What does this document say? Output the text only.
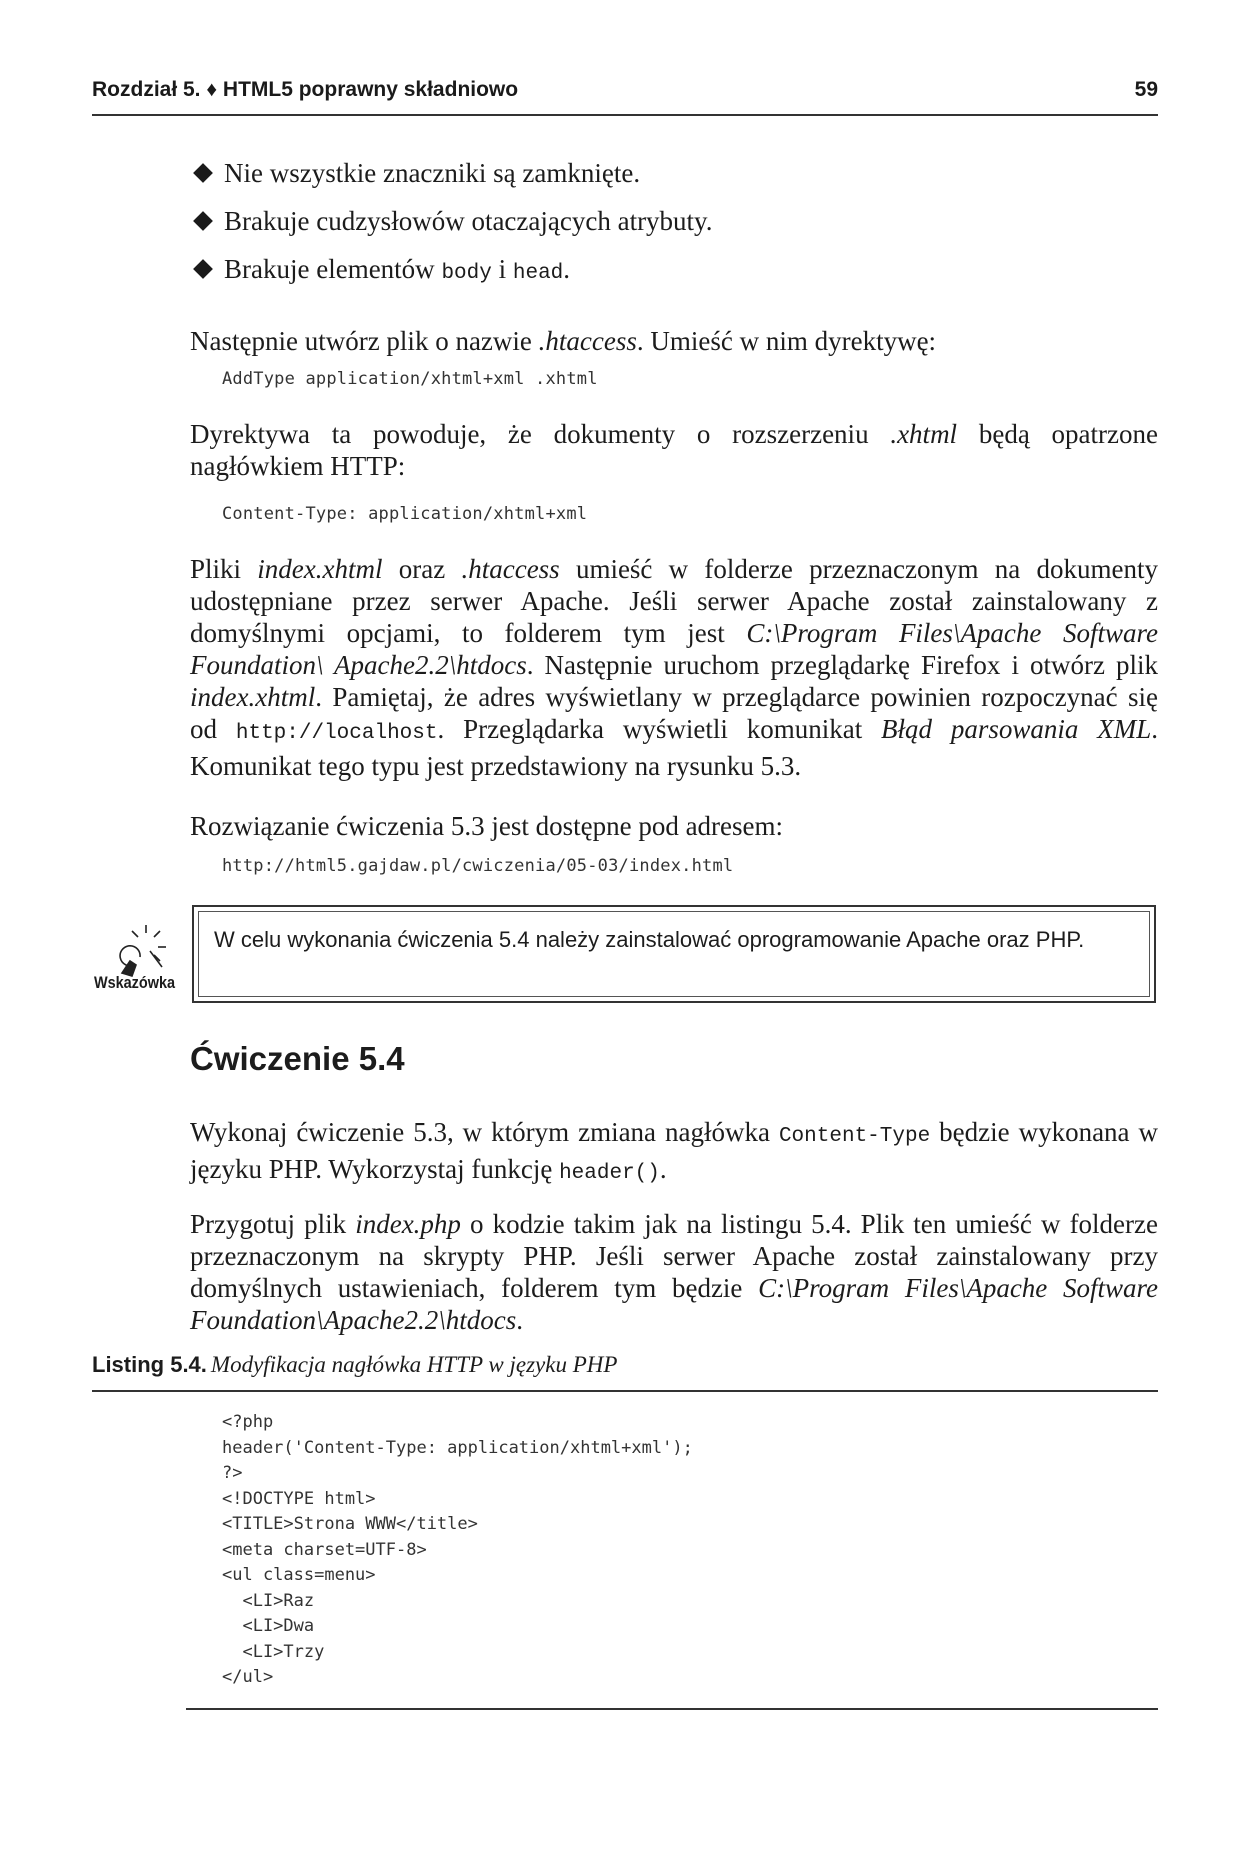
Rozdział 5. ♦ HTML5 poprawny składniowo	59
Nie wszystkie znaczniki są zamknięte.
Brakuje cudzysłowów otaczających atrybuty.
Brakuje elementów body i head.

Następnie utwórz plik o nazwie .htaccess. Umieść w nim dyrektywę:

AddType application/xhtml+xml .xhtml

Dyrektywa ta powoduje, że dokumenty o rozszerzeniu .xhtml będą opatrzone nagłówkiem HTTP:

Content-Type: application/xhtml+xml

Pliki index.xhtml oraz .htaccess umieść w folderze przeznaczonym na dokumenty udostępniane przez serwer Apache. Jeśli serwer Apache został zainstalowany z domyślnymi opcjami, to folderem tym jest C:\Program Files\Apache Software Foundation\ Apache2.2\htdocs. Następnie uruchom przeglądarkę Firefox i otwórz plik index.xhtml. Pamiętaj, że adres wyświetlany w przeglądarce powinien rozpoczynać się od http://localhost. Przeglądarka wyświetli komunikat Błąd parsowania XML. Komunikat tego typu jest przedstawiony na rysunku 5.3.

Rozwiązanie ćwiczenia 5.3 jest dostępne pod adresem:

http://html5.gajdaw.pl/cwiczenia/05-03/index.html
Wskazówka
W celu wykonania ćwiczenia 5.4 należy zainstalować oprogramowanie Apache oraz PHP.
Ćwiczenie 5.4

Wykonaj ćwiczenie 5.3, w którym zmiana nagłówka Content-Type będzie wykonana w języku PHP. Wykorzystaj funkcję header().

Przygotuj plik index.php o kodzie takim jak na listingu 5.4. Plik ten umieść w folderze przeznaczonym na skrypty PHP. Jeśli serwer Apache został zainstalowany przy domyślnych ustawieniach, folderem tym będzie C:\Program Files\Apache Software Foundation\Apache2.2\htdocs.

Listing 5.4. Modyfikacja nagłówka HTTP w języku PHP
<?php
header('Content-Type: application/xhtml+xml');
?>
<!DOCTYPE html>
<TITLE>Strona WWW</title>
<meta charset=UTF-8>
<ul class=menu>
<LI>Raz
<LI>Dwa
<LI>Trzy
</ul>
